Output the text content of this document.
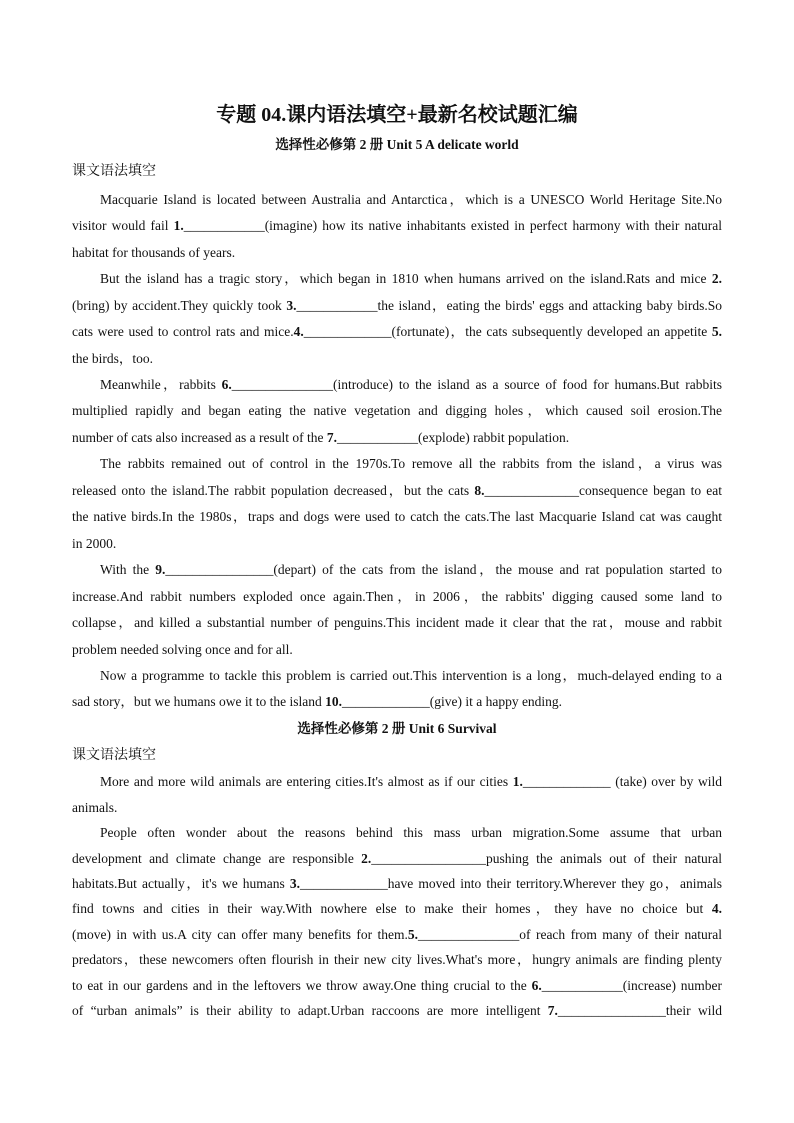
专题 04.课内语法填空+最新名校试题汇编
选择性必修第 2 册 Unit 5 A delicate world
课文语法填空
Macquarie Island is located between Australia and Antarctica，which is a UNESCO World Heritage Site.No
visitor would fail 1.____________(imagine) how its native inhabitants existed in perfect harmony with their natural
habitat for thousands of years.
But the island has a tragic story，which began in 1810 when humans arrived on the island.Rats and mice 2.
(bring) by accident.They quickly took 3.____________the island，eating the birds' eggs and attacking baby birds.So
cats were used to control rats and mice.4._____________(fortunate)，the cats subsequently developed an appetite 5.
the birds，too.
Meanwhile，rabbits 6._______________(introduce) to the island as a source of food for humans.But rabbits
multiplied rapidly and began eating the native vegetation and digging holes，which caused soil erosion.The
number of cats also increased as a result of the 7.____________(explode) rabbit population.
The rabbits remained out of control in the 1970s.To remove all the rabbits from the island，a virus was
released onto the island.The rabbit population decreased，but the cats 8.______________consequence began to eat
the native birds.In the 1980s，traps and dogs were used to catch the cats.The last Macquarie Island cat was caught
in 2000.
With the 9.________________(depart) of the cats from the island，the mouse and rat population started to
increase.And rabbit numbers exploded once again.Then，in 2006，the rabbits' digging caused some land to
collapse，and killed a substantial number of penguins.This incident made it clear that the rat，mouse and rabbit
problem needed solving once and for all.
Now a programme to tackle this problem is carried out.This intervention is a long，much-delayed ending to a
sad story，but we humans owe it to the island 10._____________(give) it a happy ending.
选择性必修第 2 册 Unit 6 Survival
课文语法填空
More and more wild animals are entering cities.It's almost as if our cities 1._____________ (take) over by wild
animals.
People often wonder about the reasons behind this mass urban migration.Some assume that urban
development and climate change are responsible 2._________________pushing the animals out of their natural
habitats.But actually，it's we humans 3._____________have moved into their territory.Wherever they go，animals
find towns and cities in their way.With nowhere else to make their homes，they have no choice but 4.
(move) in with us.A city can offer many benefits for them.5._______________of reach from many of their natural
predators，these newcomers often flourish in their new city lives.What's more，hungry animals are finding plenty
to eat in our gardens and in the leftovers we throw away.One thing crucial to the 6.____________(increase) number
of “urban animals” is their ability to adapt.Urban raccoons are more intelligent 7.________________their wild
